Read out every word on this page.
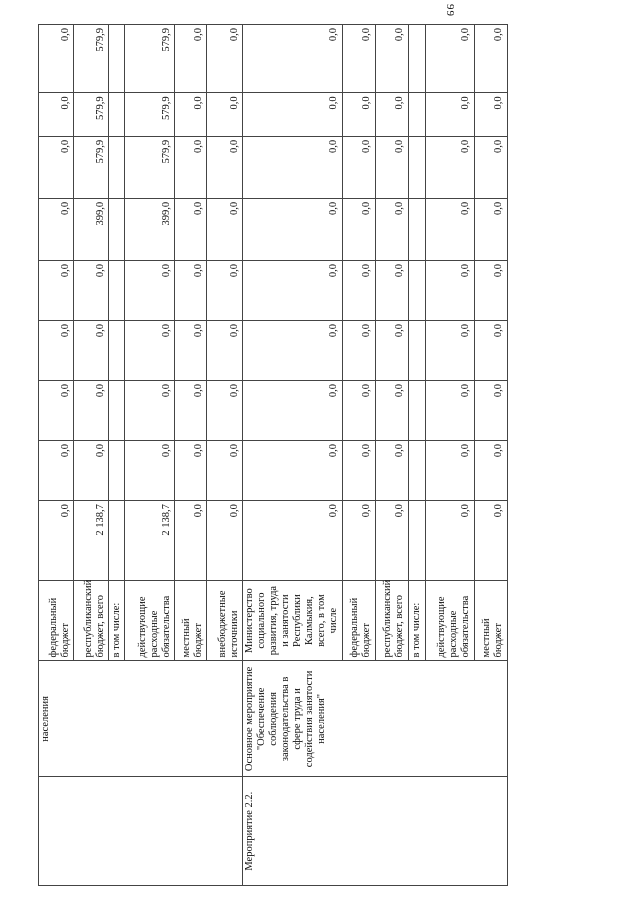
99
	населения	федеральный бюджет	0,0	0,0	0,0	0,0	0,0	0,0	0,0	0,0	0,0
		республиканский бюджет, всего	2 138,7	0,0	0,0	0,0	0,0	399,0	579,9	579,9	579,9
		в том числе:									
		действующие расходные обязательства	2 138,7	0,0	0,0	0,0	0,0	399,0	579,9	579,9	579,9
		местный бюджет	0,0	0,0	0,0	0,0	0,0	0,0	0,0	0,0	0,0
		внебюджетные источники	0,0	0,0	0,0	0,0	0,0	0,0	0,0	0,0	0,0
Мероприятие 2.2.	Основное мероприятие "Обеспечение соблюдения законодательства в сфере труда и содействия занятости населения"	Министерство социального развития, труда и занятости Республики Калмыкия, всего, в том числе	0,0	0,0	0,0	0,0	0,0	0,0	0,0	0,0	0,0
		федеральный бюджет	0,0	0,0	0,0	0,0	0,0	0,0	0,0	0,0	0,0
		республиканский бюджет, всего	0,0	0,0	0,0	0,0	0,0	0,0	0,0	0,0	0,0
		в том числе:									
		действующие расходные обязательства	0,0	0,0	0,0	0,0	0,0	0,0	0,0	0,0	0,0
		местный бюджет	0,0	0,0	0,0	0,0	0,0	0,0	0,0	0,0	0,0
